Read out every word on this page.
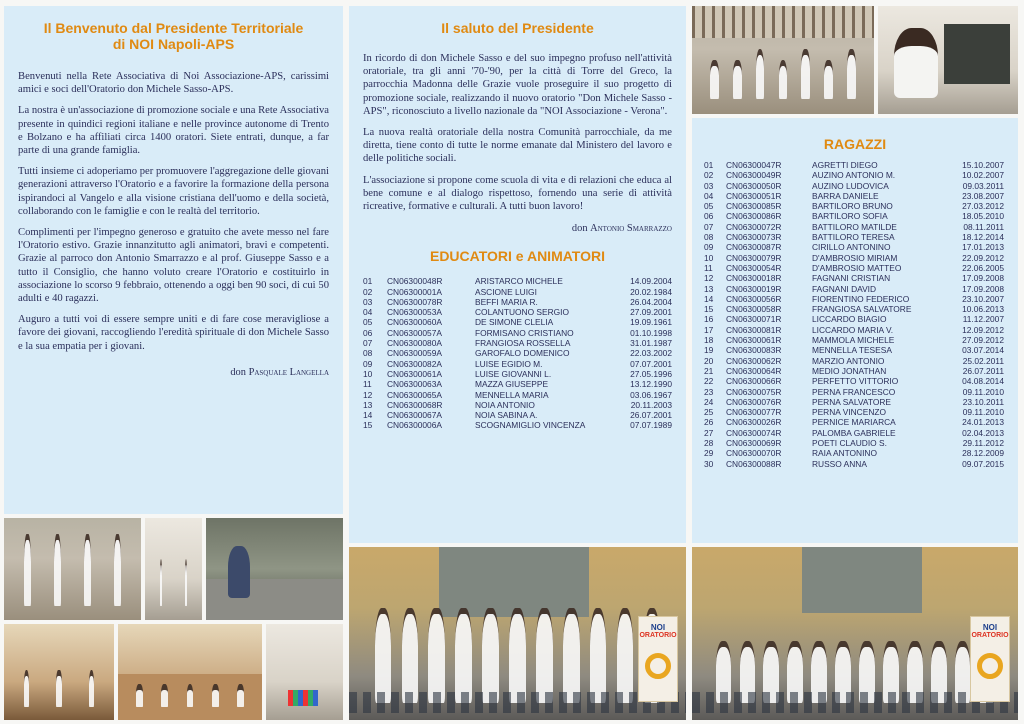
Il Benvenuto dal Presidente Territoriale
di NOI Napoli-APS

Benvenuti nella Rete Associativa di Noi Associazione-APS, carissimi amici e soci dell'Oratorio don Michele Sasso-APS.

La nostra è un'associazione di promozione sociale e una Rete Associativa presente in quindici regioni italiane e nelle province autonome di Trento e Bolzano e ha affiliati circa 1400 oratori. Siete entrati, dunque, a far parte di una grande famiglia.

Tutti insieme ci adoperiamo per promuovere l'aggregazione delle giovani generazioni attraverso l'Oratorio e a favorire la formazione della persona ispirandoci al Vangelo e alla visione cristiana dell'uomo e della società, collaborando con le famiglie e con le realtà del territorio.

Complimenti per l'impegno generoso e gratuito che avete messo nel fare l'Oratorio estivo. Grazie innanzitutto agli animatori, bravi e competenti. Grazie al parroco don Antonio Smarrazzo e al prof. Giuseppe Sasso e a tutto il Consiglio, che hanno voluto creare l'Oratorio e costituirlo in associazione lo scorso 9 febbraio, ottenendo a oggi ben 90 soci, di cui 50 adulti e 40 ragazzi.

Auguro a tutti voi di essere sempre uniti e di fare cose meravigliose a favore dei giovani, raccogliendo l'eredità spirituale di don Michele Sasso e la sua empatia per i giovani.

don Pasquale Langella

Il saluto del Presidente

In ricordo di don Michele Sasso e del suo impegno profuso nell'attività oratoriale, tra gli anni '70-'90, per la città di Torre del Greco, la parrocchia Madonna delle Grazie vuole proseguire il suo progetto di promozione sociale, realizzando il nuovo oratorio "Don Michele Sasso - APS", riconosciuto a livello nazionale da "NOI Associazione - Verona".

La nuova realtà oratoriale della nostra Comunità parrocchiale, da me diretta, tiene conto di tutte le norme emanate dal Ministero del lavoro e delle politiche sociali.

L'associazione si propone come scuola di vita e di relazioni che educa al bene comune e al dialogo rispettoso, fornendo una serie di attività ricreative, formative e culturali. A tutti buon lavoro!

don Antonio Smarrazzo

EDUCATORI e ANIMATORI
01	CN06300048R	ARISTARCO MICHELE	14.09.2004
02	CN06300001A	ASCIONE LUIGI	20.02.1984
03	CN06300078R	BEFFI MARIA R.	26.04.2004
04	CN06300053A	COLANTUONO SERGIO	27.09.2001
05	CN06300060A	DE SIMONE CLELIA	19.09.1961
06	CN06300057A	FORMISANO CRISTIANO	01.10.1998
07	CN06300080A	FRANGIOSA ROSSELLA	31.01.1987
08	CN06300059A	GAROFALO DOMENICO	22.03.2002
09	CN06300082A	LUISE EGIDIO M.	07.07.2001
10	CN06300061A	LUISE GIOVANNI L.	27.05.1996
11	CN06300063A	MAZZA GIUSEPPE	13.12.1990
12	CN06300065A	MENNELLA MARIA	03.06.1967
13	CN06300068R	NOIA ANTONIO	20.11.2003
14	CN06300067A	NOIA SABINA A.	26.07.2001
15	CN06300006A	SCOGNAMIGLIO VINCENZA	07.07.1989
RAGAZZI
01	CN06300047R	AGRETTI DIEGO	15.10.2007
02	CN06300049R	AUZINO ANTONIO M.	10.02.2007
03	CN06300050R	AUZINO LUDOVICA	09.03.2011
04	CN06300051R	BARRA DANIELE	23.08.2007
05	CN06300085R	BARTILORO BRUNO	27.03.2012
06	CN06300086R	BARTILORO SOFIA	18.05.2010
07	CN06300072R	BATTILORO MATILDE	08.11.2011
08	CN06300073R	BATTILORO TERESA	18.12.2014
09	CN06300087R	CIRILLO ANTONINO	17.01.2013
10	CN06300079R	D'AMBROSIO MIRIAM	22.09.2012
11	CN06300054R	D'AMBROSIO MATTEO	22.06.2005
12	CN06300018R	FAGNANI CRISTIAN	17.09.2008
13	CN06300019R	FAGNANI DAVID	17.09.2008
14	CN06300056R	FIORENTINO FEDERICO	23.10.2007
15	CN06300058R	FRANGIOSA SALVATORE	10.06.2013
16	CN06300071R	LICCARDO BIAGIO	11.12.2007
17	CN06300081R	LICCARDO MARIA V.	12.09.2012
18	CN06300061R	MAMMOLA MICHELE	27.09.2012
19	CN06300083R	MENNELLA TESESA	03.07.2014
20	CN06300062R	MARZIO ANTONIO	25.02.2011
21	CN06300064R	MEDIO JONATHAN	26.07.2011
22	CN06300066R	PERFETTO VITTORIO	04.08.2014
23	CN06300075R	PERNA FRANCESCO	09.11.2010
24	CN06300076R	PERNA SALVATORE	23.10.2011
25	CN06300077R	PERNA VINCENZO	09.11.2010
26	CN06300026R	PERNICE MARIARCA	24.01.2013
27	CN06300074R	PALOMBA GABRIELE	02.04.2013
28	CN06300069R	POETI CLAUDIO S.	29.11.2012
29	CN06300070R	RAIA ANTONINO	28.12.2009
30	CN06300088R	RUSSO ANNA	09.07.2015
NOI
ORATORIO
NOI
ORATORIO
